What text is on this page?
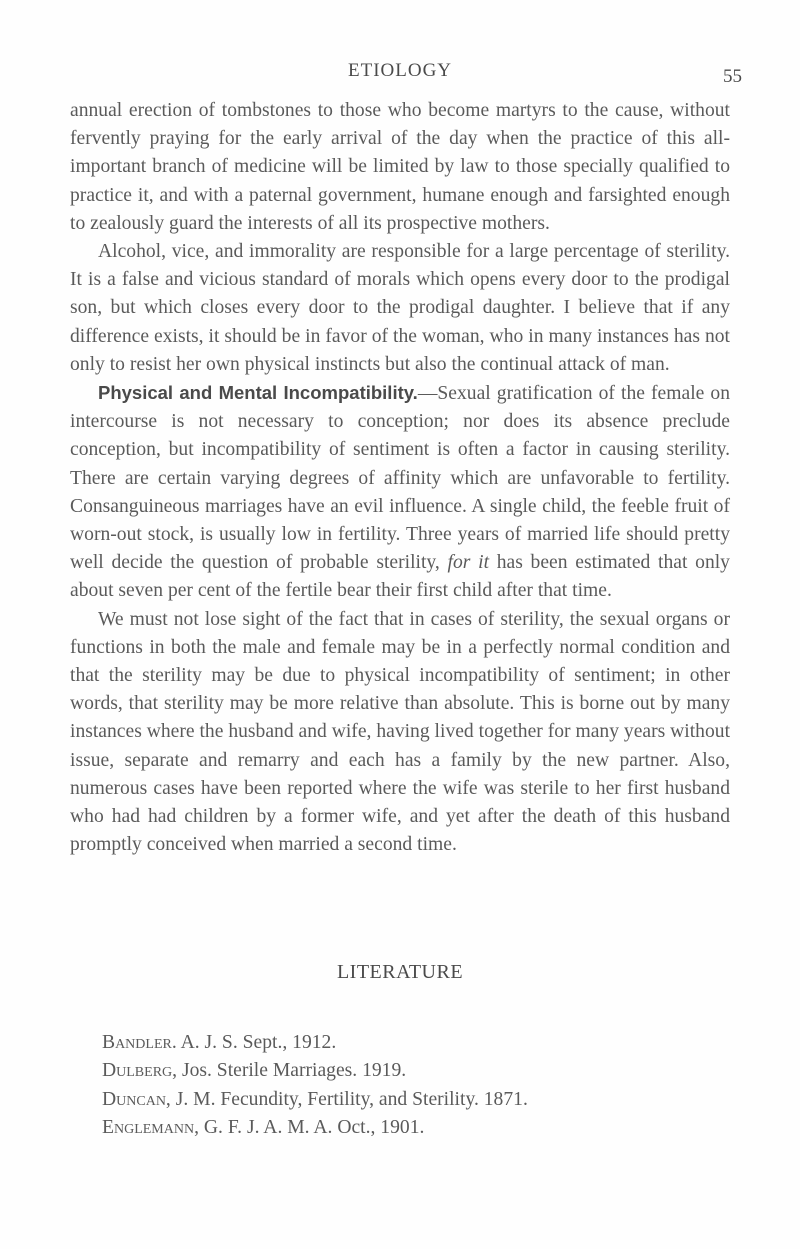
ETIOLOGY	55

annual erection of tombstones to those who become martyrs to the cause, without fervently praying for the early arrival of the day when the practice of this all-important branch of medicine will be limited by law to those specially qualified to practice it, and with a paternal government, humane enough and farsighted enough to zealously guard the interests of all its prospective mothers.

Alcohol, vice, and immorality are responsible for a large percentage of sterility. It is a false and vicious standard of morals which opens every door to the prodigal son, but which closes every door to the prodigal daughter. I believe that if any difference exists, it should be in favor of the woman, who in many instances has not only to resist her own physical instincts but also the continual attack of man.

Physical and Mental Incompatibility.—Sexual gratification of the female on intercourse is not necessary to conception; nor does its absence preclude conception, but incompatibility of sentiment is often a factor in causing sterility. There are certain varying degrees of affinity which are unfavorable to fertility. Consanguineous marriages have an evil influence. A single child, the feeble fruit of worn-out stock, is usually low in fertility. Three years of married life should pretty well decide the question of probable sterility, for it has been estimated that only about seven per cent of the fertile bear their first child after that time.

We must not lose sight of the fact that in cases of sterility, the sexual organs or functions in both the male and female may be in a perfectly normal condition and that the sterility may be due to physical incompatibility of sentiment; in other words, that sterility may be more relative than absolute. This is borne out by many instances where the husband and wife, having lived together for many years without issue, separate and remarry and each has a family by the new partner. Also, numerous cases have been reported where the wife was sterile to her first husband who had had children by a former wife, and yet after the death of this husband promptly conceived when married a second time.

LITERATURE
Bandler. A. J. S. Sept., 1912.
Dulberg, Jos. Sterile Marriages. 1919.
Duncan, J. M. Fecundity, Fertility, and Sterility. 1871.
Englemann, G. F. J. A. M. A. Oct., 1901.
